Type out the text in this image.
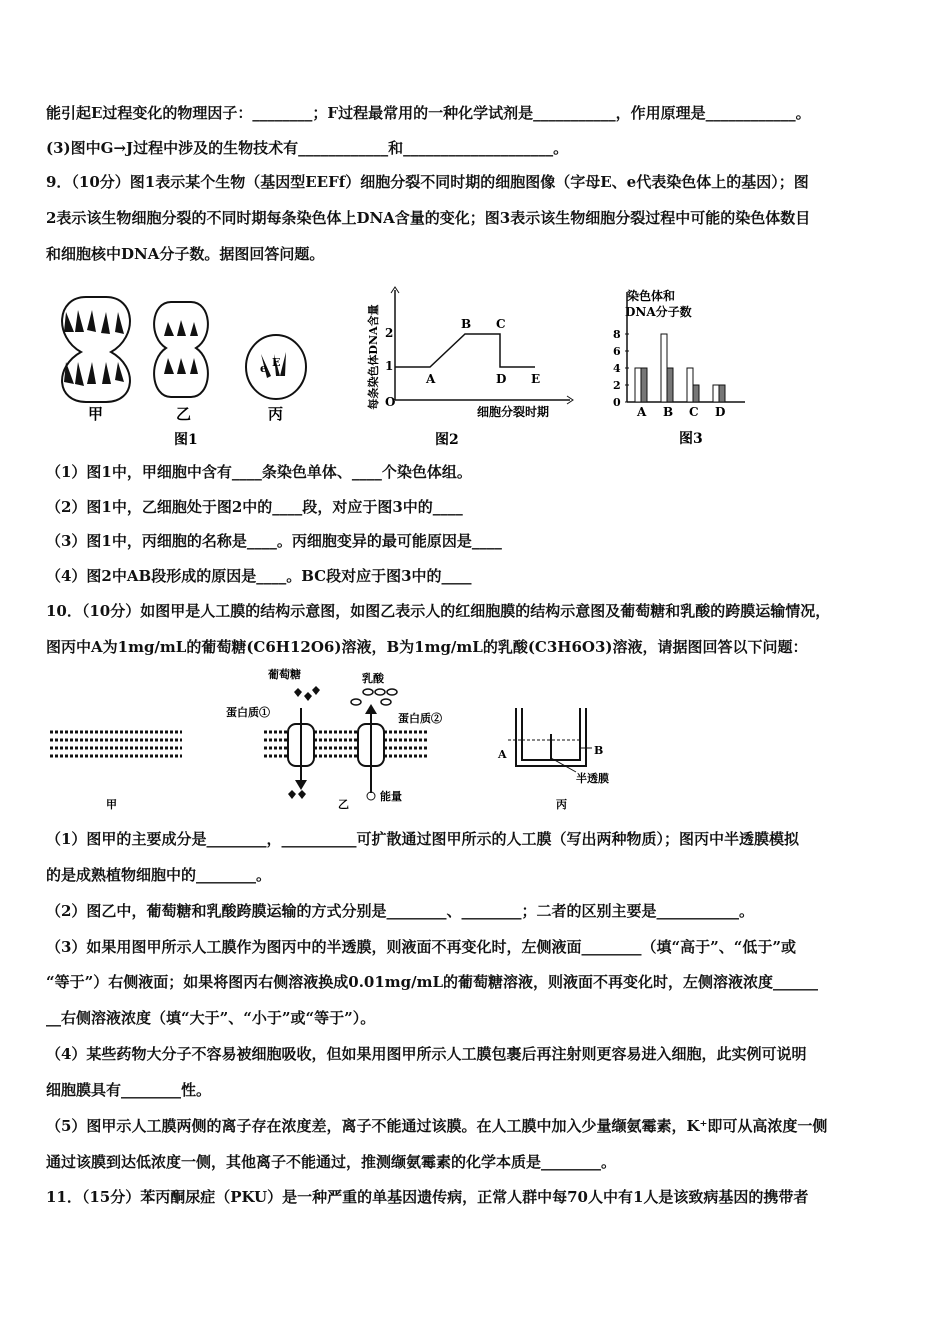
能引起E过程变化的物理因子：________；F过程最常用的一种化学试剂是___________，作用原理是____________。
(3)图中G→J过程中涉及的生物技术有____________和____________________。
9．（10分）图1表示某个生物（基因型EEFf）细胞分裂不同时期的细胞图像（字母E、e代表染色体上的基因）；图
2表示该生物细胞分裂的不同时期每条染色体上DNA含量的变化；图3表示该生物细胞分裂过程中可能的染色体数目
和细胞核中DNA分子数。据图回答问题。
甲	乙
e E
丙
图1
每条染色体DNA含量 O
1
2
A
B C
D E
细胞分裂时期
图2
染色体和
DNA分子数
0
2
4
6
8
A B C D
图3
（1）图1中，甲细胞中含有____条染色单体、____个染色体组。
（2）图1中，乙细胞处于图2中的____段，对应于图3中的____
（3）图1中，丙细胞的名称是____。丙细胞变异的最可能原因是____
（4）图2中AB段形成的原因是____。BC段对应于图3中的____
10．（10分）如图甲是人工膜的结构示意图，如图乙表示人的红细胞膜的结构示意图及葡萄糖和乳酸的跨膜运输情况，
图丙中A为1mg/mL的葡萄糖(C6H12O6)溶液，B为1mg/mL的乳酸(C3H6O3)溶液，请据图回答以下问题：
甲
葡萄糖	乳酸
蛋白质①	蛋白质②
能量
乙
A	B
半透膜
丙
（1）图甲的主要成分是________，__________可扩散通过图甲所示的人工膜（写出两种物质）；图丙中半透膜模拟
的是成熟植物细胞中的________。
（2）图乙中，葡萄糖和乳酸跨膜运输的方式分别是________、________；二者的区别主要是___________。
（3）如果用图甲所示人工膜作为图丙中的半透膜，则液面不再变化时，左侧液面________（填“高于”、“低于”或
“等于”）右侧液面；如果将图丙右侧溶液换成0.01mg/mL的葡萄糖溶液，则液面不再变化时，左侧溶液浓度______
__右侧溶液浓度（填“大于”、“小于”或“等于”）。
（4）某些药物大分子不容易被细胞吸收，但如果用图甲所示人工膜包裹后再注射则更容易进入细胞，此实例可说明
细胞膜具有________性。
（5）图甲示人工膜两侧的离子存在浓度差，离子不能通过该膜。在人工膜中加入少量缬氨霉素，K⁺即可从高浓度一侧
通过该膜到达低浓度一侧，其他离子不能通过，推测缬氨霉素的化学本质是________。
11．（15分）苯丙酮尿症（PKU）是一种严重的单基因遗传病，正常人群中每70人中有1人是该致病基因的携带者
